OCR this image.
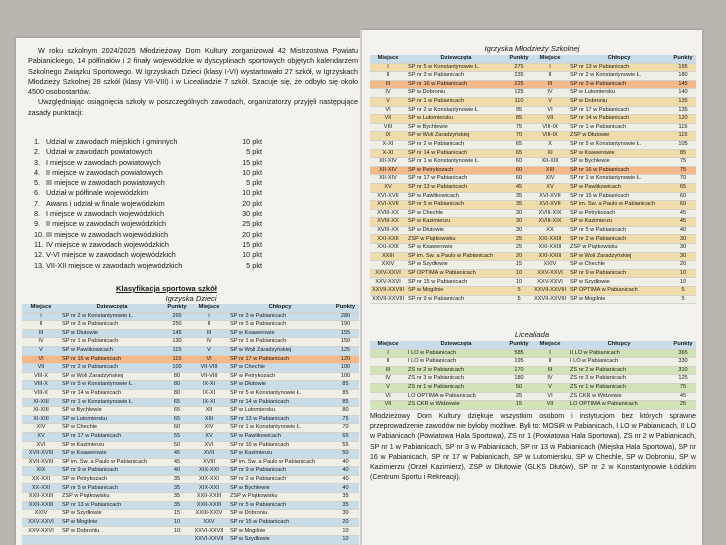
W roku szkolnym 2024/2025 Młodzieżowy Dom Kultury zorganizował 42 Mistrzostwa Powiatu Pabianickiego, 14 półfinałów i 2 finały wojewódzkie w dyscyplinach sportowych objętych kalendarzem Szkolnego Związku Sportowego. W Igrzyskach Dzieci (klasy I-VI) wystartowało 27 szkół, w Igrzyskach Młodzieży Szkolnej 28 szkół (klasy VII-VIII) i w Licealiadzie 7 szkół. Szacuje się, że odbyło się około 4500 osobostartów.

Uwzględniając osiągnięcia szkoły w poszczególnych zawodach, organizatorzy przyjęli następujące zasady punktacji:

1. Udział w zawodach miejskich i gminnych	10 pkt
2. Udział w zawodach powiatowych	5 pkt
3. I miejsce w zawodach powiatowych	15 pkt
4. II miejsce w zawodach powiatowych	10 pkt
5. III miejsce w zawodach powiatowych	5 pkt
6. Udział w półfinale wojewódzkim	10 pkt
7. Awans i udział w finale wojewódzkim	20 pkt
8. I miejsce w zawodach wojewódzkich	30 pkt
9. II miejsce w zawodach wojewódzkich	25 pkt
10. III miejsce w zawodach wojewódzkich	20 pkt
11. IV miejsce w zawodach wojewódzkich	15 pkt
12. V-VI miejsce w zawodach wojewódzkich	10 pkt
13. VII-XII miejsce w zawodach wojewódzkich	5 pkt
Klasyfikacja sportowa szkół
Igrzyska Dzieci
Miejsce	Dziewczęta	Punkty	Miejsce	Chłopcy	Punkty
I	SP nr 2 w Konstantynowie Ł.	265	I	SP nr 3 w Pabianicach	280
II	SP nr 3 w Pabianicach	250	II	SP nr 5 w Pabianicach	190
III	SP w Dłutowie	145	III	SP w Ksawerowie	155
IV	SP nr 1 w Pabianicach	130	IV	SP nr 1 w Pabianicach	150
V	SP w Pawlikowicach	115	V	SP w Woli Zaradzyńskiej	125
VI	SP nr 16 w Pabianicach	115	VI	SP nr 17 w Pabianicach	120
VII	SP nr 2 w Pabianicach	100	VII-VIII	SP w Chechle	100
VIII-X	SP w Woli Zaradzyńskiej	80	VII-VIII	SP w Petrykozach	100
VIII-X	SP nr 5 w Konstantynowie Ł.	80	IX-XI	SP w Dłutowie	85
VIII-X	SP nr 14 w Pabianicach	80	IX-XI	SP nr 5 w Konstantynowie Ł.	85
XI-XIII	SP nr 1 w Konstantynowie Ł.	65	IX-XI	SP nr 14 w Pabianicach	85
XI-XIII	SP w Bychlewie	65	XII	SP w Lutomiersku	80
XI-XIII	SP w Lutomiersku	65	XIII	SP nr 13 w Pabianicach	75
XIV	SP w Chechle	60	XIV	SP nr 1 w Konstantynowie Ł.	70
XV	SP nr 17 w Pabianicach	55	XV	SP w Pawlikowicach	65
XVI	SP w Kazimierzu	50	XVI	SP nr 16 w Pabianicach	55
XVII-XVIII	SP w Ksawerowie	45	XVII	SP w Kazimierzu	50
XVII-XVIII	SP im. Św. a Paulo w Pabianicach	45	XVIII	SP im. Św. a Paulo w Pabianicach	40
XIX	SP nr 9 w Pabianicach	40	XIX-XXI	SP nr 9 w Pabianicach	40
XX-XXI	SP w Petrykozach	35	XIX-XXI	SP nr 2 w Pabianicach	40
XX-XXI	SP nr 5 w Pabianicach	35	XIX-XXI	SP w Bychlewie	40
XXII-XXIII	ZSP w Piątkowisku	35	XXII-XXIII	ZSP w Piątkowisku	35
XXII-XXIII	SP nr 13 w Pabianicach	35	XXII-XXIII	SP nr 5 w Pabianicach	35
XXIV	SP w Szydłowie	15	XXIII-XXIV	SP w Dobroniu	30
XXV-XXVI	SP w Mogilnie	10	XXV	SP nr 15 w Pabianicach	20
XXV-XXVI	SP w Dobroniu	10	XXVI-XXVII	SP w Mogilnie	10
			XXVI-XXVII	SP w Szydłowie	10
Igrzyska Młodzieży Szkolnej
Miejsce	Dziewczęta	Punkty	Miejsce	Chłopcy	Punkty
I	SP nr 5 w Konstantynowie Ł.	275	I	SP nr 13 w Pabianicach	195
II	SP nr 3 w Pabianicach	235	II	SP nr 2 w Konstantynowie Ł.	180
III	SP nr 16 w Pabianicach	225	III	SP nr 3 w Pabianicach	145
IV	SP w Dobroniu	125	IV	SP w Lutomiersku	140
V	SP nr 1 w Pabianicach	110	V	SP w Dobroniu	135
VI	SP nr 2 w Konstantynowie Ł.	95	VI	SP nr 17 w Pabianicach	135
VII	SP w Lutomiersku	85	VII	SP nr 14 w Pabianicach	120
VIII	SP w Bychlewie	75	VIII-IX	SP nr 1 w Pabianicach	115
IX	SP w Woli Zaradzyńskiej	70	VIII-IX	ZSP w Dłutowie	115
X-XI	SP nr 2 w Pabianicach	65	X	SP nr 5 w Konstantynowie Ł.	105
X-XI	SP nr 14 w Pabianicach	65	XI	SP w Ksawerowie	85
XII-XIV	SP nr 1 w Konstantynowie Ł.	60	XII-XIII	SP w Bychlewie	75
XII-XIV	SP w Petrykozach	60	XIII	SP nr 16 w Pabianicach	75
XII-XIV	SP nr 17 w Pabianicach	60	XIV	SP nr 1 w Konstantynowie Ł.	70
XV	SP nr 13 w Pabianicach	45	XV	SP w Pawlikowicach	65
XVI-XVII	SP w Pawlikowicach	35	XVI-XVII	SP nr 15 w Pabianicach	60
XVI-XVII	SP nr 5 w Pabianicach	35	XVI-XVII	SP im. Św. a Paulo w Pabianicach	60
XVIII-XX	SP w Chechle	30	XVIII-XIX	SP w Petrykozach	45
XVIII-XX	SP w Kazimierzu	30	XVIII-XIX	SP w Kazimierzu	45
XVIII-XX	SP w Dłutowie	30	XX	SP nr 5 w Pabianicach	40
XXI-XXII	ZSP w Piątkowisku	25	XXI-XXIII	SP nr 2 w Pabianicach	30
XXI-XXII	SP w Ksawerowie	25	XXI-XXIII	ZSP w Piątkowisku	30
XXIII	SP im. Św. a Paulo w Pabianicach	20	XXI-XXIII	SP w Woli Zaradzyńskiej	30
XXIV	SP w Szydłowie	15	XXIV	SP w Chechle	20
XXV-XXVI	SP OPTIMA w Pabianicach	10	XXV-XXVI	SP nr 9 w Pabianicach	10
XXV-XXVI	SP nr 15 w Pabianicach	10	XXV-XXVI	SP w Szydłowie	10
XXVII-XXVIII	SP w Mogilnie	5	XXVII-XXVIII	SP OPTIMA w Pabianicach	5
XXVII-XXVIII	SP nr 9 w Pabianicach	5	XXVII-XXVIII	SP w Mogilnie	5
Licealiada
Miejsce	Dziewczęta	Punkty	Miejsce	Chłopcy	Punkty
I	I LO w Pabianicach	585	I	II LO w Pabianicach	365
II	I LO w Pabianicach	195	II	I LO w Pabianicach	330
III	ZS nr 2 w Pabianicach	170	III	ZS nr 2 w Pabianicach	310
IV	ZS nr 3 w Pabianicach	180	IV	ZS nr 3 w Pabianicach	125
V	ZS nr 1 w Pabianicach	50	V	ZS nr 1 w Pabianicach	75
VI	LO OPTIMA w Pabianicach	25	VI	ZS CKR w Widzewie	45
VII	ZS CKR w Widzewie	15	VII	LO OPTIMA w Pabianicach	25
Młodzieżowy Dom Kultury dziękuje wszystkim osobom i instytucjom bez których sprawne przeprowadzenie zawodów nie byłoby możliwe. Byli to: MOSiR w Pabianicach, I LO w Pabianicach, II LO w Pabianicach (Powiatowa Hala Sportowa), ZS nr 1 (Powiatowa Hala Sportowa), ZS nr 2 w Pabianicach, SP nr 1 w Pabianicach, SP nr 3 w Pabianicach, SP nr 13 w Pabianicach (Miejska Hala Sportowa), SP nr 16 w Pabianicach, SP nr 17 w Pabianicach, SP w Lutomiersku, SP w Chechle, SP w Dobroniu, SP w Kazimierzu (Orzeł Kazimierz), ZSP w Dłutowie (GLKS Dłutów), SP nr 2 w Konstantynowie Łódzkim (Centrum Sportu i Rekreacji).
